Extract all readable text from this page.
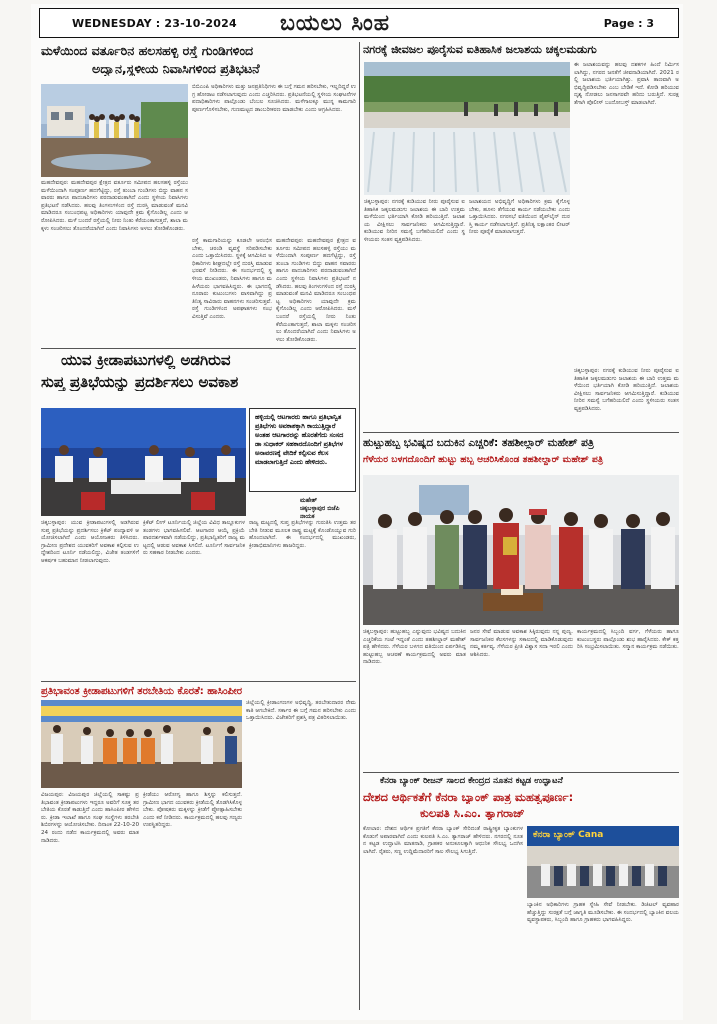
WEDNESDAY : 23-10-2024 ಬಯಲು ಸಿಂಹ	Page : 3
ಮಳೆಯಿಂದ ವರ್ತೂರಿನ ಹಲಸಹಳ್ಳಿ ರಸ್ತೆ ಗುಂಡಿಗಳಿಂದ
ಅದ್ವಾನ,ಸ್ಥಳೀಯ ನಿವಾಸಿಗಳಿಂದ ಪ್ರತಿಭಟನೆ
ಬಿಬಿಎಂಪಿ ಅಧಿಕಾರಿಗಳು ಮತ್ತು ಜನಪ್ರತಿನಿಧಿಗಳು ಈ ಬಗ್ಗೆ ಗಮನ ಹರಿಸಬೇಕು, ಇಲ್ಲದಿದ್ದರೆ ಉಗ್ರ ಹೋರಾಟ ನಡೆಸಲಾಗುವುದು ಎಂದು ಎಚ್ಚರಿಸಿದರು. ಪ್ರತಿಭಟನೆಯಲ್ಲಿ ಸ್ಥಳೀಯ ಸಂಘಟನೆಗಳ ಪದಾಧಿಕಾರಿಗಳು ಪಾಲ್ಗೊಂಡು ಬೆಂಬಲ ಸೂಚಿಸಿದರು. ಮಳೆಗಾಲಕ್ಕೂ ಮುನ್ನ ಕಾಮಗಾರಿ ಪೂರ್ಣಗೊಳಿಸಬೇಕು, ಗುಣಮಟ್ಟದ ಡಾಂಬರೀಕರಣ ಮಾಡಬೇಕು ಎಂದು ಆಗ್ರಹಿಸಿದರು.
ಮಹದೇವಪುರ: ಮಹದೇವಪುರ ಕ್ಷೇತ್ರದ ವರ್ತೂರು ಸಮೀಪದ ಹಲಸಹಳ್ಳಿ ರಸ್ತೆಯು ಮಳೆಯಿಂದಾಗಿ ಸಂಪೂರ್ಣ ಹದಗೆಟ್ಟಿದ್ದು, ರಸ್ತೆ ತುಂಬಾ ಗುಂಡಿಗಳು ಬಿದ್ದು ವಾಹನ ಸವಾರರು ಹಾಗೂ ಪಾದಚಾರಿಗಳು ಪರದಾಡುವಂತಾಗಿದೆ ಎಂದು ಸ್ಥಳೀಯ ನಿವಾಸಿಗಳು ಪ್ರತಿಭಟನೆ ನಡೆಸಿದರು. ಹಲವು ತಿಂಗಳುಗಳಿಂದ ರಸ್ತೆ ದುರಸ್ತಿ ಮಾಡುವಂತೆ ಮನವಿ ಮಾಡಿದರೂ ಸಂಬಂಧಪಟ್ಟ ಅಧಿಕಾರಿಗಳು ಯಾವುದೇ ಕ್ರಮ ಕೈಗೊಂಡಿಲ್ಲ ಎಂದು ಆರೋಪಿಸಿದರು. ಮಳೆ ಬಂದರೆ ರಸ್ತೆಯಲ್ಲಿ ನೀರು ನಿಂತು ಕೆರೆಯಂತಾಗುತ್ತದೆ, ಶಾಲಾ ಮಕ್ಕಳು ಸಂಚರಿಸಲು ತೊಂದರೆಯಾಗಿದೆ ಎಂದು ನಿವಾಸಿಗಳು ಅಳಲು ತೋಡಿಕೊಂಡರು.
ರಸ್ತೆ ಕಾಮಗಾರಿಯನ್ನು ಕೂಡಲೇ ಆರಂಭಿಸಬೇಕು, ಚರಂಡಿ ವ್ಯವಸ್ಥೆ ಸರಿಪಡಿಸಬೇಕು ಎಂದು ಒತ್ತಾಯಿಸಿದರು. ಸ್ಥಳಕ್ಕೆ ಆಗಮಿಸಿದ ಅಧಿಕಾರಿಗಳು ಶೀಘ್ರದಲ್ಲೇ ರಸ್ತೆ ದುರಸ್ತಿ ಮಾಡುವ ಭರವಸೆ ನೀಡಿದರು. ಈ ಸಂದರ್ಭದಲ್ಲಿ ಸ್ಥಳೀಯ ಮುಖಂಡರು, ನಿವಾಸಿಗಳು ಹಾಗೂ ಮಹಿಳೆಯರು ಭಾಗವಹಿಸಿದ್ದರು. ಈ ಭಾಗದಲ್ಲಿ ನೂರಾರು ಕುಟುಂಬಗಳು ವಾಸವಾಗಿದ್ದು ಪ್ರತಿನಿತ್ಯ ಸಾವಿರಾರು ವಾಹನಗಳು ಸಂಚರಿಸುತ್ತವೆ. ರಸ್ತೆ ಗುಂಡಿಗಳಿಂದ ಅಪಘಾತಗಳು ಸಂಭವಿಸುತ್ತಿವೆ ಎಂದರು.
ಮಹದೇವಪುರ: ಮಹದೇವಪುರ ಕ್ಷೇತ್ರದ ವರ್ತೂರು ಸಮೀಪದ ಹಲಸಹಳ್ಳಿ ರಸ್ತೆಯು ಮಳೆಯಿಂದಾಗಿ ಸಂಪೂರ್ಣ ಹದಗೆಟ್ಟಿದ್ದು, ರಸ್ತೆ ತುಂಬಾ ಗುಂಡಿಗಳು ಬಿದ್ದು ವಾಹನ ಸವಾರರು ಹಾಗೂ ಪಾದಚಾರಿಗಳು ಪರದಾಡುವಂತಾಗಿದೆ ಎಂದು ಸ್ಥಳೀಯ ನಿವಾಸಿಗಳು ಪ್ರತಿಭಟನೆ ನಡೆಸಿದರು. ಹಲವು ತಿಂಗಳುಗಳಿಂದ ರಸ್ತೆ ದುರಸ್ತಿ ಮಾಡುವಂತೆ ಮನವಿ ಮಾಡಿದರೂ ಸಂಬಂಧಪಟ್ಟ ಅಧಿಕಾರಿಗಳು ಯಾವುದೇ ಕ್ರಮ ಕೈಗೊಂಡಿಲ್ಲ ಎಂದು ಆರೋಪಿಸಿದರು. ಮಳೆ ಬಂದರೆ ರಸ್ತೆಯಲ್ಲಿ ನೀರು ನಿಂತು ಕೆರೆಯಂತಾಗುತ್ತದೆ, ಶಾಲಾ ಮಕ್ಕಳು ಸಂಚರಿಸಲು ತೊಂದರೆಯಾಗಿದೆ ಎಂದು ನಿವಾಸಿಗಳು ಅಳಲು ತೋಡಿಕೊಂಡರು.
ಯುವ ಕ್ರೀಡಾಪಟುಗಳಲ್ಲಿ ಅಡಗಿರುವ
ಸುಪ್ತ ಪ್ರತಿಭೆಯನ್ನು ಪ್ರದರ್ಶಿಸಲು ಅವಕಾಶ
ಹಳ್ಳಿಯಲ್ಲಿ ಆಟಗಾರರು ಹಾಗೂ ಪ್ರತಿಭಾನ್ವಿತ ಪ್ರತಿಭೆಗಳು ಅವಕಾಶಕ್ಕಾಗಿ ಕಾಯುತ್ತಿದ್ದಾರೆ ಅಂತಹ ಆಟಗಾರರನ್ನು ಹೊರತೆಗೆದು ಸಂಸದ ಡಾ ಸುಧಾಕರ್ ಸಹಕಾರದೊಂದಿಗೆ ಪ್ರತಿಭೆಗಳ ಅನಾವರಣಕ್ಕೆ ವೇದಿಕೆ ಕಲ್ಪಿಸುವ ಕೆಲಸ ಮಾಡಲಾಗುತ್ತಿದೆ ಎಂದು ಹೇಳಿದರು.
ಮಹೇಶ್
ಚಿಕ್ಕಬಳ್ಳಾಪುರ ಬಿಜೆಪಿ ನಾಯಕ
ಚಿಕ್ಕಬಳ್ಳಾಪುರ: ಯುವ ಕ್ರೀಡಾಪಟುಗಳಲ್ಲಿ ಅಡಗಿರುವ ಸುಪ್ತ ಪ್ರತಿಭೆಯನ್ನು ಪ್ರದರ್ಶಿಸಲು ಕ್ರಿಕೆಟ್ ಪಂದ್ಯಾವಳಿ ಆಯೋಜಿಸಲಾಗಿದೆ ಎಂದು ಆಯೋಜಕರು ತಿಳಿಸಿದರು. ಗ್ರಾಮೀಣ ಪ್ರದೇಶದ ಯುವಕರಿಗೆ ಅವಕಾಶ ಕಲ್ಪಿಸುವ ಉದ್ದೇಶದಿಂದ ಟೂರ್ನಿ ನಡೆಯಲಿದ್ದು, ವಿಜೇತ ತಂಡಗಳಿಗೆ ಆಕರ್ಷಕ ಬಹುಮಾನ ನೀಡಲಾಗುವುದು.
ಕ್ರಿಕೆಟ್ ಲೀಗ್ ಟೂರ್ನಿಯಲ್ಲಿ ಜಿಲ್ಲೆಯ ವಿವಿಧ ತಾಲ್ಲೂಕುಗಳ ತಂಡಗಳು ಭಾಗವಹಿಸಲಿವೆ. ಆಟಗಾರರ ಆಯ್ಕೆ ಪ್ರಕ್ರಿಯೆ ಪಾರದರ್ಶಕವಾಗಿ ನಡೆಯಲಿದ್ದು, ಪ್ರತಿಭಾನ್ವಿತರಿಗೆ ರಾಜ್ಯ ಮಟ್ಟದಲ್ಲಿ ಆಡುವ ಅವಕಾಶ ಸಿಗಲಿದೆ. ಟೂರ್ನಿಗೆ ಸಾರ್ವಜನಿಕರು ಸಹಕಾರ ನೀಡಬೇಕು ಎಂದರು.
ರಾಜ್ಯ ಮಟ್ಟದಲ್ಲಿ ಸುಪ್ತ ಪ್ರತಿಭೆಗಳನ್ನು ಗುರುತಿಸಿ ಉತ್ತಮ ತರಬೇತಿ ನೀಡುವ ಮೂಲಕ ರಾಷ್ಟ್ರ ಮಟ್ಟಕ್ಕೆ ಕೊಂಡೊಯ್ಯುವ ಗುರಿ ಹೊಂದಲಾಗಿದೆ. ಈ ಸಂದರ್ಭದಲ್ಲಿ ಮುಖಂಡರು, ಕ್ರೀಡಾಭಿಮಾನಿಗಳು ಹಾಜರಿದ್ದರು.
ಪ್ರತಿಭಾವಂತ ಕ್ರೀಡಾಪಟುಗಳಿಗೆ ತರಬೇತಿಯ ಕೊರತೆ: ಹಾಸಿಂಪೀರ
ಜಿಲ್ಲೆಯಲ್ಲಿ ಕ್ರೀಡಾಂಗಣಗಳ ಅಭಿವೃದ್ಧಿ, ತರಬೇತುದಾರರ ನೇಮಕಾತಿ ಆಗಬೇಕಿದೆ. ಸರ್ಕಾರ ಈ ಬಗ್ಗೆ ಗಮನ ಹರಿಸಬೇಕು ಎಂದು ಒತ್ತಾಯಿಸಿದರು. ವಿಜೇತರಿಗೆ ಪ್ರಶಸ್ತಿ ಪತ್ರ ವಿತರಿಸಲಾಯಿತು.
ವಿಜಯಪುರ: ವಿಜಯಪುರ ಜಿಲ್ಲೆಯಲ್ಲಿ ಸಾಕಷ್ಟು ಪ್ರತಿಭಾವಂತ ಕ್ರೀಡಾಪಟುಗಳು ಇದ್ದರೂ ಅವರಿಗೆ ಸೂಕ್ತ ತರಬೇತಿಯ ಕೊರತೆ ಕಾಡುತ್ತಿದೆ ಎಂದು ಹಾಸಿಂಪೀರ ಹೇಳಿದರು. ಕ್ರೀಡಾ ಇಲಾಖೆ ಹಾಗೂ ಸಂಘ ಸಂಸ್ಥೆಗಳು ತರಬೇತಿ ಶಿಬಿರಗಳನ್ನು ಆಯೋಜಿಸಬೇಕು. ದಿನಾಂಕ 22-10-2024 ರಂದು ನಡೆದ ಕಾರ್ಯಕ್ರಮದಲ್ಲಿ ಅವರು ಮಾತನಾಡಿದರು.
ಕ್ರೀಡೆಯು ಆರೋಗ್ಯ ಹಾಗೂ ಶಿಸ್ತನ್ನು ಕಲಿಸುತ್ತದೆ. ಗ್ರಾಮೀಣ ಭಾಗದ ಯುವಕರು ಕ್ರೀಡೆಯಲ್ಲಿ ತೊಡಗಿಸಿಕೊಳ್ಳಬೇಕು. ಪೋಷಕರು ಮಕ್ಕಳನ್ನು ಕ್ರೀಡೆಗೆ ಪ್ರೋತ್ಸಾಹಿಸಬೇಕು ಎಂದು ಕರೆ ನೀಡಿದರು. ಕಾರ್ಯಕ್ರಮದಲ್ಲಿ ಹಲವು ಗಣ್ಯರು ಉಪಸ್ಥಿತರಿದ್ದರು.
ನಗರಕ್ಕೆ ಜೀವಜಲ ಪೂರೈಸುವ ಐತಿಹಾಸಿಕ ಜಲಾಶಯ ಚಕ್ಕಲಮಡುಗು
ಈ ಜಲಾಶಯವನ್ನು ಹಲವು ದಶಕಗಳ ಹಿಂದೆ ನಿರ್ಮಿಸಲಾಗಿದ್ದು, ನಗರದ ಜನತೆಗೆ ಜೀವನಾಡಿಯಾಗಿದೆ. 2021 ರಲ್ಲಿ ಜಲಾಶಯ ಭರ್ತಿಯಾಗಿತ್ತು. ಪ್ರವಾಸಿ ತಾಣವಾಗಿ ಅಭಿವೃದ್ಧಿಪಡಿಸಬೇಕು ಎಂಬ ಬೇಡಿಕೆ ಇದೆ. ಕೋಡಿ ಹರಿಯುವ ದೃಶ್ಯ ನೋಡಲು ಜನಸಾಗರವೇ ಹರಿದು ಬರುತ್ತಿದೆ. ಸುರಕ್ಷತೆಗಾಗಿ ಪೊಲೀಸ್ ಬಂದೋಬಸ್ತ್ ಮಾಡಲಾಗಿದೆ.
ಚಿಕ್ಕಬಳ್ಳಾಪುರ: ನಗರಕ್ಕೆ ಕುಡಿಯುವ ನೀರು ಪೂರೈಸುವ ಐತಿಹಾಸಿಕ ಜಕ್ಕಲಮಡುಗು ಜಲಾಶಯ ಈ ಬಾರಿ ಉತ್ತಮ ಮಳೆಯಿಂದ ಭರ್ತಿಯಾಗಿ ಕೋಡಿ ಹರಿಯುತ್ತಿದೆ. ಜಲಾಶಯ ವೀಕ್ಷಿಸಲು ಸಾರ್ವಜನಿಕರು ಆಗಮಿಸುತ್ತಿದ್ದಾರೆ. ಕುಡಿಯುವ ನೀರಿನ ಸಮಸ್ಯೆ ಬಗೆಹರಿಯಲಿದೆ ಎಂದು ಸ್ಥಳೀಯರು ಸಂತಸ ವ್ಯಕ್ತಪಡಿಸಿದರು.
ಜಲಾಶಯದ ಅಭಿವೃದ್ಧಿಗೆ ಅಧಿಕಾರಿಗಳು ಕ್ರಮ ಕೈಗೊಳ್ಳಬೇಕು, ಹೂಳು ತೆಗೆಯುವ ಕಾರ್ಯ ನಡೆಯಬೇಕು ಎಂದು ಒತ್ತಾಯಿಸಿದರು. ನಗರಸಭೆ ವತಿಯಿಂದ ಪೈಪ್‌ಲೈನ್ ದುರಸ್ತಿ ಕಾರ್ಯ ನಡೆಸಲಾಗುತ್ತಿದೆ. ಪ್ರತಿನಿತ್ಯ ಲಕ್ಷಾಂತರ ಲೀಟರ್ ನೀರು ಪೂರೈಕೆ ಮಾಡಲಾಗುತ್ತದೆ.
ಚಿಕ್ಕಬಳ್ಳಾಪುರ: ನಗರಕ್ಕೆ ಕುಡಿಯುವ ನೀರು ಪೂರೈಸುವ ಐತಿಹಾಸಿಕ ಜಕ್ಕಲಮಡುಗು ಜಲಾಶಯ ಈ ಬಾರಿ ಉತ್ತಮ ಮಳೆಯಿಂದ ಭರ್ತಿಯಾಗಿ ಕೋಡಿ ಹರಿಯುತ್ತಿದೆ. ಜಲಾಶಯ ವೀಕ್ಷಿಸಲು ಸಾರ್ವಜನಿಕರು ಆಗಮಿಸುತ್ತಿದ್ದಾರೆ. ಕುಡಿಯುವ ನೀರಿನ ಸಮಸ್ಯೆ ಬಗೆಹರಿಯಲಿದೆ ಎಂದು ಸ್ಥಳೀಯರು ಸಂತಸ ವ್ಯಕ್ತಪಡಿಸಿದರು.
ಹುಟ್ಟುಹಬ್ಬ ಭವಿಷ್ಯದ ಬದುಕಿನ ಎಚ್ಚರಿಕೆ: ತಹಶೀಲ್ದಾರ್ ಮಹೇಶ್ ಪತ್ರಿ
ಗೆಳೆಯರ ಬಳಗದೊಂದಿಗೆ ಹುಟ್ಟು ಹಬ್ಬ ಆಚರಿಸಿಕೊಂಡ ತಹಶೀಲ್ದಾರ್ ಮಹೇಶ್ ಪತ್ರಿ
ಚಿಕ್ಕಬಳ್ಳಾಪುರ: ಹುಟ್ಟುಹಬ್ಬ ಎನ್ನುವುದು ಭವಿಷ್ಯದ ಬದುಕಿನ ಎಚ್ಚರಿಕೆಯ ಗಂಟೆ ಇದ್ದಂತೆ ಎಂದು ತಹಶೀಲ್ದಾರ್ ಮಹೇಶ್ ಪತ್ರಿ ಹೇಳಿದರು. ಗೆಳೆಯರ ಬಳಗದ ವತಿಯಿಂದ ಏರ್ಪಡಿಸಿದ್ದ ಹುಟ್ಟುಹಬ್ಬ ಆಚರಣೆ ಕಾರ್ಯಕ್ರಮದಲ್ಲಿ ಅವರು ಮಾತನಾಡಿದರು.
ಜನರ ಸೇವೆ ಮಾಡುವ ಅವಕಾಶ ಸಿಕ್ಕಿರುವುದು ನನ್ನ ಪುಣ್ಯ. ಸಾರ್ವಜನಿಕರ ಕೆಲಸಗಳನ್ನು ಸಕಾಲದಲ್ಲಿ ಮಾಡಿಕೊಡುವುದು ನಮ್ಮ ಕರ್ತವ್ಯ. ಗೆಳೆಯರ ಪ್ರೀತಿ ವಿಶ್ವಾಸ ಸದಾ ಇರಲಿ ಎಂದು ಆಶಿಸಿದರು.
ಕಾರ್ಯಕ್ರಮದಲ್ಲಿ ಸಿಬ್ಬಂದಿ ವರ್ಗ, ಗೆಳೆಯರು ಹಾಗೂ ಕುಟುಂಬಸ್ಥರು ಪಾಲ್ಗೊಂಡು ಶುಭ ಹಾರೈಸಿದರು. ಕೇಕ್ ಕತ್ತರಿಸಿ ಸಂಭ್ರಮಿಸಲಾಯಿತು. ಸನ್ಮಾನ ಕಾರ್ಯಕ್ರಮ ನಡೆಯಿತು.
ಕೆನರಾ ಬ್ಯಾಂಕ್ ರೀಜನ್ ಸಾಲದ ಕೇಂದ್ರದ ನೂತನ ಕಟ್ಟಡ ಉದ್ಘಾಟನೆ
ದೇಶದ ಆರ್ಥಿಕತೆಗೆ ಕೆನರಾ ಬ್ಯಾಂಕ್ ಪಾತ್ರ ಮಹತ್ವಪೂರ್ಣ:
ಕುಲಪತಿ ಸಿ.ಎಂ. ತ್ಯಾಗರಾಜ್
ಕೋಲಾರ: ದೇಶದ ಆರ್ಥಿಕ ಪ್ರಗತಿಗೆ ಕೆನರಾ ಬ್ಯಾಂಕ್ ಸೇರಿದಂತೆ ರಾಷ್ಟ್ರೀಕೃತ ಬ್ಯಾಂಕುಗಳ ಕೊಡುಗೆ ಅಪಾರವಾಗಿದೆ ಎಂದು ಕುಲಪತಿ ಸಿ.ಎಂ. ತ್ಯಾಗರಾಜ್ ಹೇಳಿದರು. ನಗರದಲ್ಲಿ ನೂತನ ಕಟ್ಟಡ ಉದ್ಘಾಟಿಸಿ ಮಾತನಾಡಿ, ಗ್ರಾಹಕರ ಅನುಕೂಲಕ್ಕಾಗಿ ಆಧುನಿಕ ಸೌಲಭ್ಯ ಒದಗಿಸಲಾಗಿದೆ. ರೈತರು, ಸಣ್ಣ ಉದ್ದಿಮೆದಾರರಿಗೆ ಸಾಲ ಸೌಲಭ್ಯ ಸಿಗುತ್ತಿದೆ.
ಕೆನರಾ ಬ್ಯಾಂಕ್ Cana
ಬ್ಯಾಂಕಿನ ಅಧಿಕಾರಿಗಳು ಗ್ರಾಹಕ ಸ್ನೇಹಿ ಸೇವೆ ನೀಡಬೇಕು. ಡಿಜಿಟಲ್ ವ್ಯವಹಾರ ಹೆಚ್ಚುತ್ತಿದ್ದು ಸುರಕ್ಷತೆ ಬಗ್ಗೆ ಜಾಗೃತಿ ಮೂಡಿಸಬೇಕು. ಈ ಸಂದರ್ಭದಲ್ಲಿ ಬ್ಯಾಂಕಿನ ವಲಯ ವ್ಯವಸ್ಥಾಪಕರು, ಸಿಬ್ಬಂದಿ ಹಾಗೂ ಗ್ರಾಹಕರು ಭಾಗವಹಿಸಿದ್ದರು.
